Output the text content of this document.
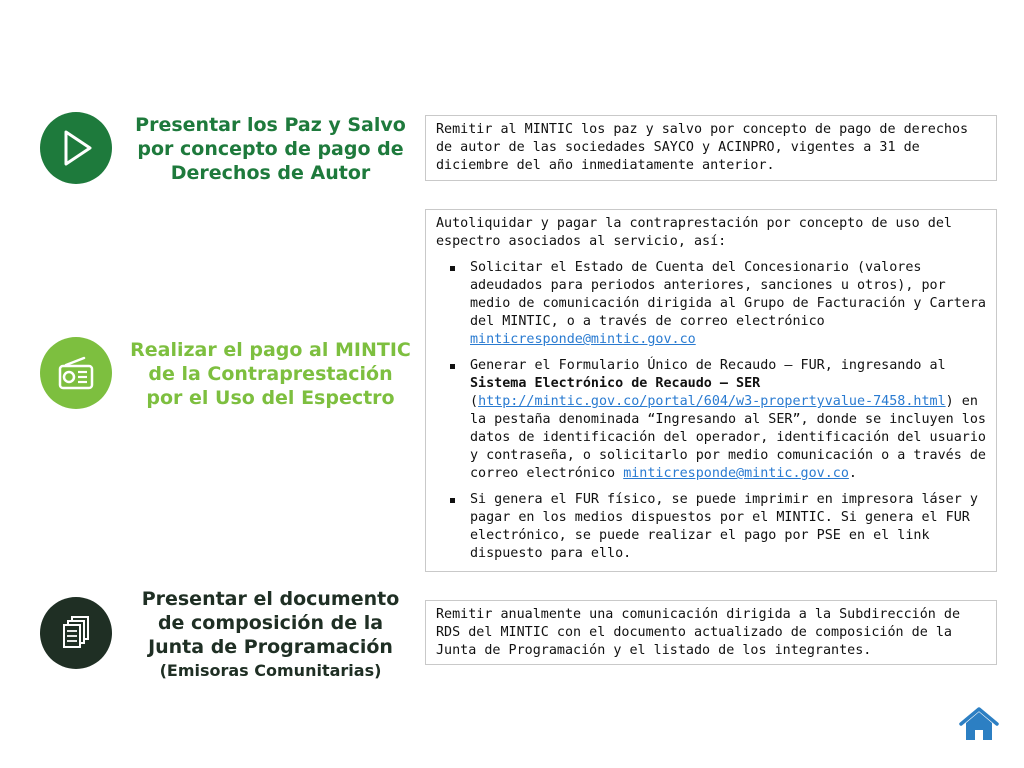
Presentar los Paz y Salvo por concepto de pago de Derechos de Autor

Remitir al MINTIC los paz y salvo por concepto de pago de derechos de autor de las sociedades SAYCO y ACINPRO, vigentes a 31 de diciembre del año inmediatamente anterior.

Realizar el pago al MINTIC de la Contraprestación por el Uso del Espectro

Autoliquidar y pagar la contraprestación por concepto de uso del espectro asociados al servicio, así:

Solicitar el Estado de Cuenta del Concesionario (valores adeudados para periodos anteriores, sanciones u otros), por medio de comunicación dirigida al Grupo de Facturación y Cartera del MINTIC, o a través de correo electrónico minticresponde@mintic.gov.co
Generar el Formulario Único de Recaudo – FUR, ingresando al Sistema Electrónico de Recaudo – SER (http://mintic.gov.co/portal/604/w3-propertyvalue-7458.html) en la pestaña denominada “Ingresando al SER”, donde se incluyen los datos de identificación del operador, identificación del usuario y contraseña, o solicitarlo por medio comunicación o a través de correo electrónico minticresponde@mintic.gov.co.
Si genera el FUR físico, se puede imprimir en impresora láser y pagar en los medios dispuestos por el MINTIC. Si genera el FUR electrónico, se puede realizar el pago por PSE en el link dispuesto para ello.
Presentar el documento de composición de la Junta de Programación
(Emisoras Comunitarias)

Remitir anualmente una comunicación dirigida a la Subdirección de RDS del MINTIC con el documento actualizado de composición de la Junta de Programación y el listado de los integrantes.
